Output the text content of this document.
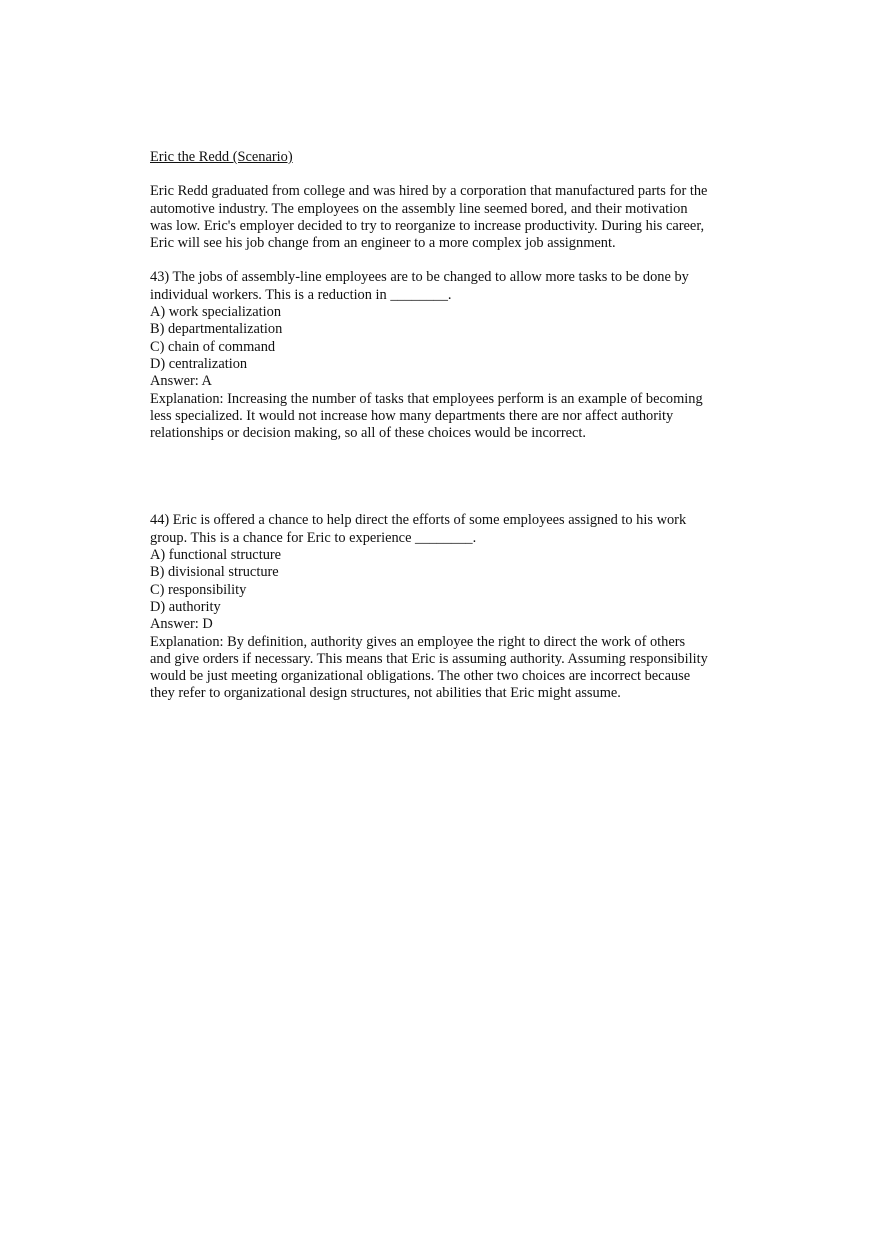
Eric the Redd (Scenario)

Eric Redd graduated from college and was hired by a corporation that manufactured parts for the
automotive industry. The employees on the assembly line seemed bored, and their motivation
was low. Eric's employer decided to try to reorganize to increase productivity. During his career,
Eric will see his job change from an engineer to a more complex job assignment.

43) The jobs of assembly-line employees are to be changed to allow more tasks to be done by
individual workers. This is a reduction in ________.
A) work specialization
B) departmentalization
C) chain of command
D) centralization
Answer: A
Explanation: Increasing the number of tasks that employees perform is an example of becoming
less specialized. It would not increase how many departments there are nor affect authority
relationships or decision making, so all of these choices would be incorrect.
44) Eric is offered a chance to help direct the efforts of some employees assigned to his work
group. This is a chance for Eric to experience ________.
A) functional structure
B) divisional structure
C) responsibility
D) authority
Answer: D
Explanation: By definition, authority gives an employee the right to direct the work of others
and give orders if necessary. This means that Eric is assuming authority. Assuming responsibility
would be just meeting organizational obligations. The other two choices are incorrect because
they refer to organizational design structures, not abilities that Eric might assume.
